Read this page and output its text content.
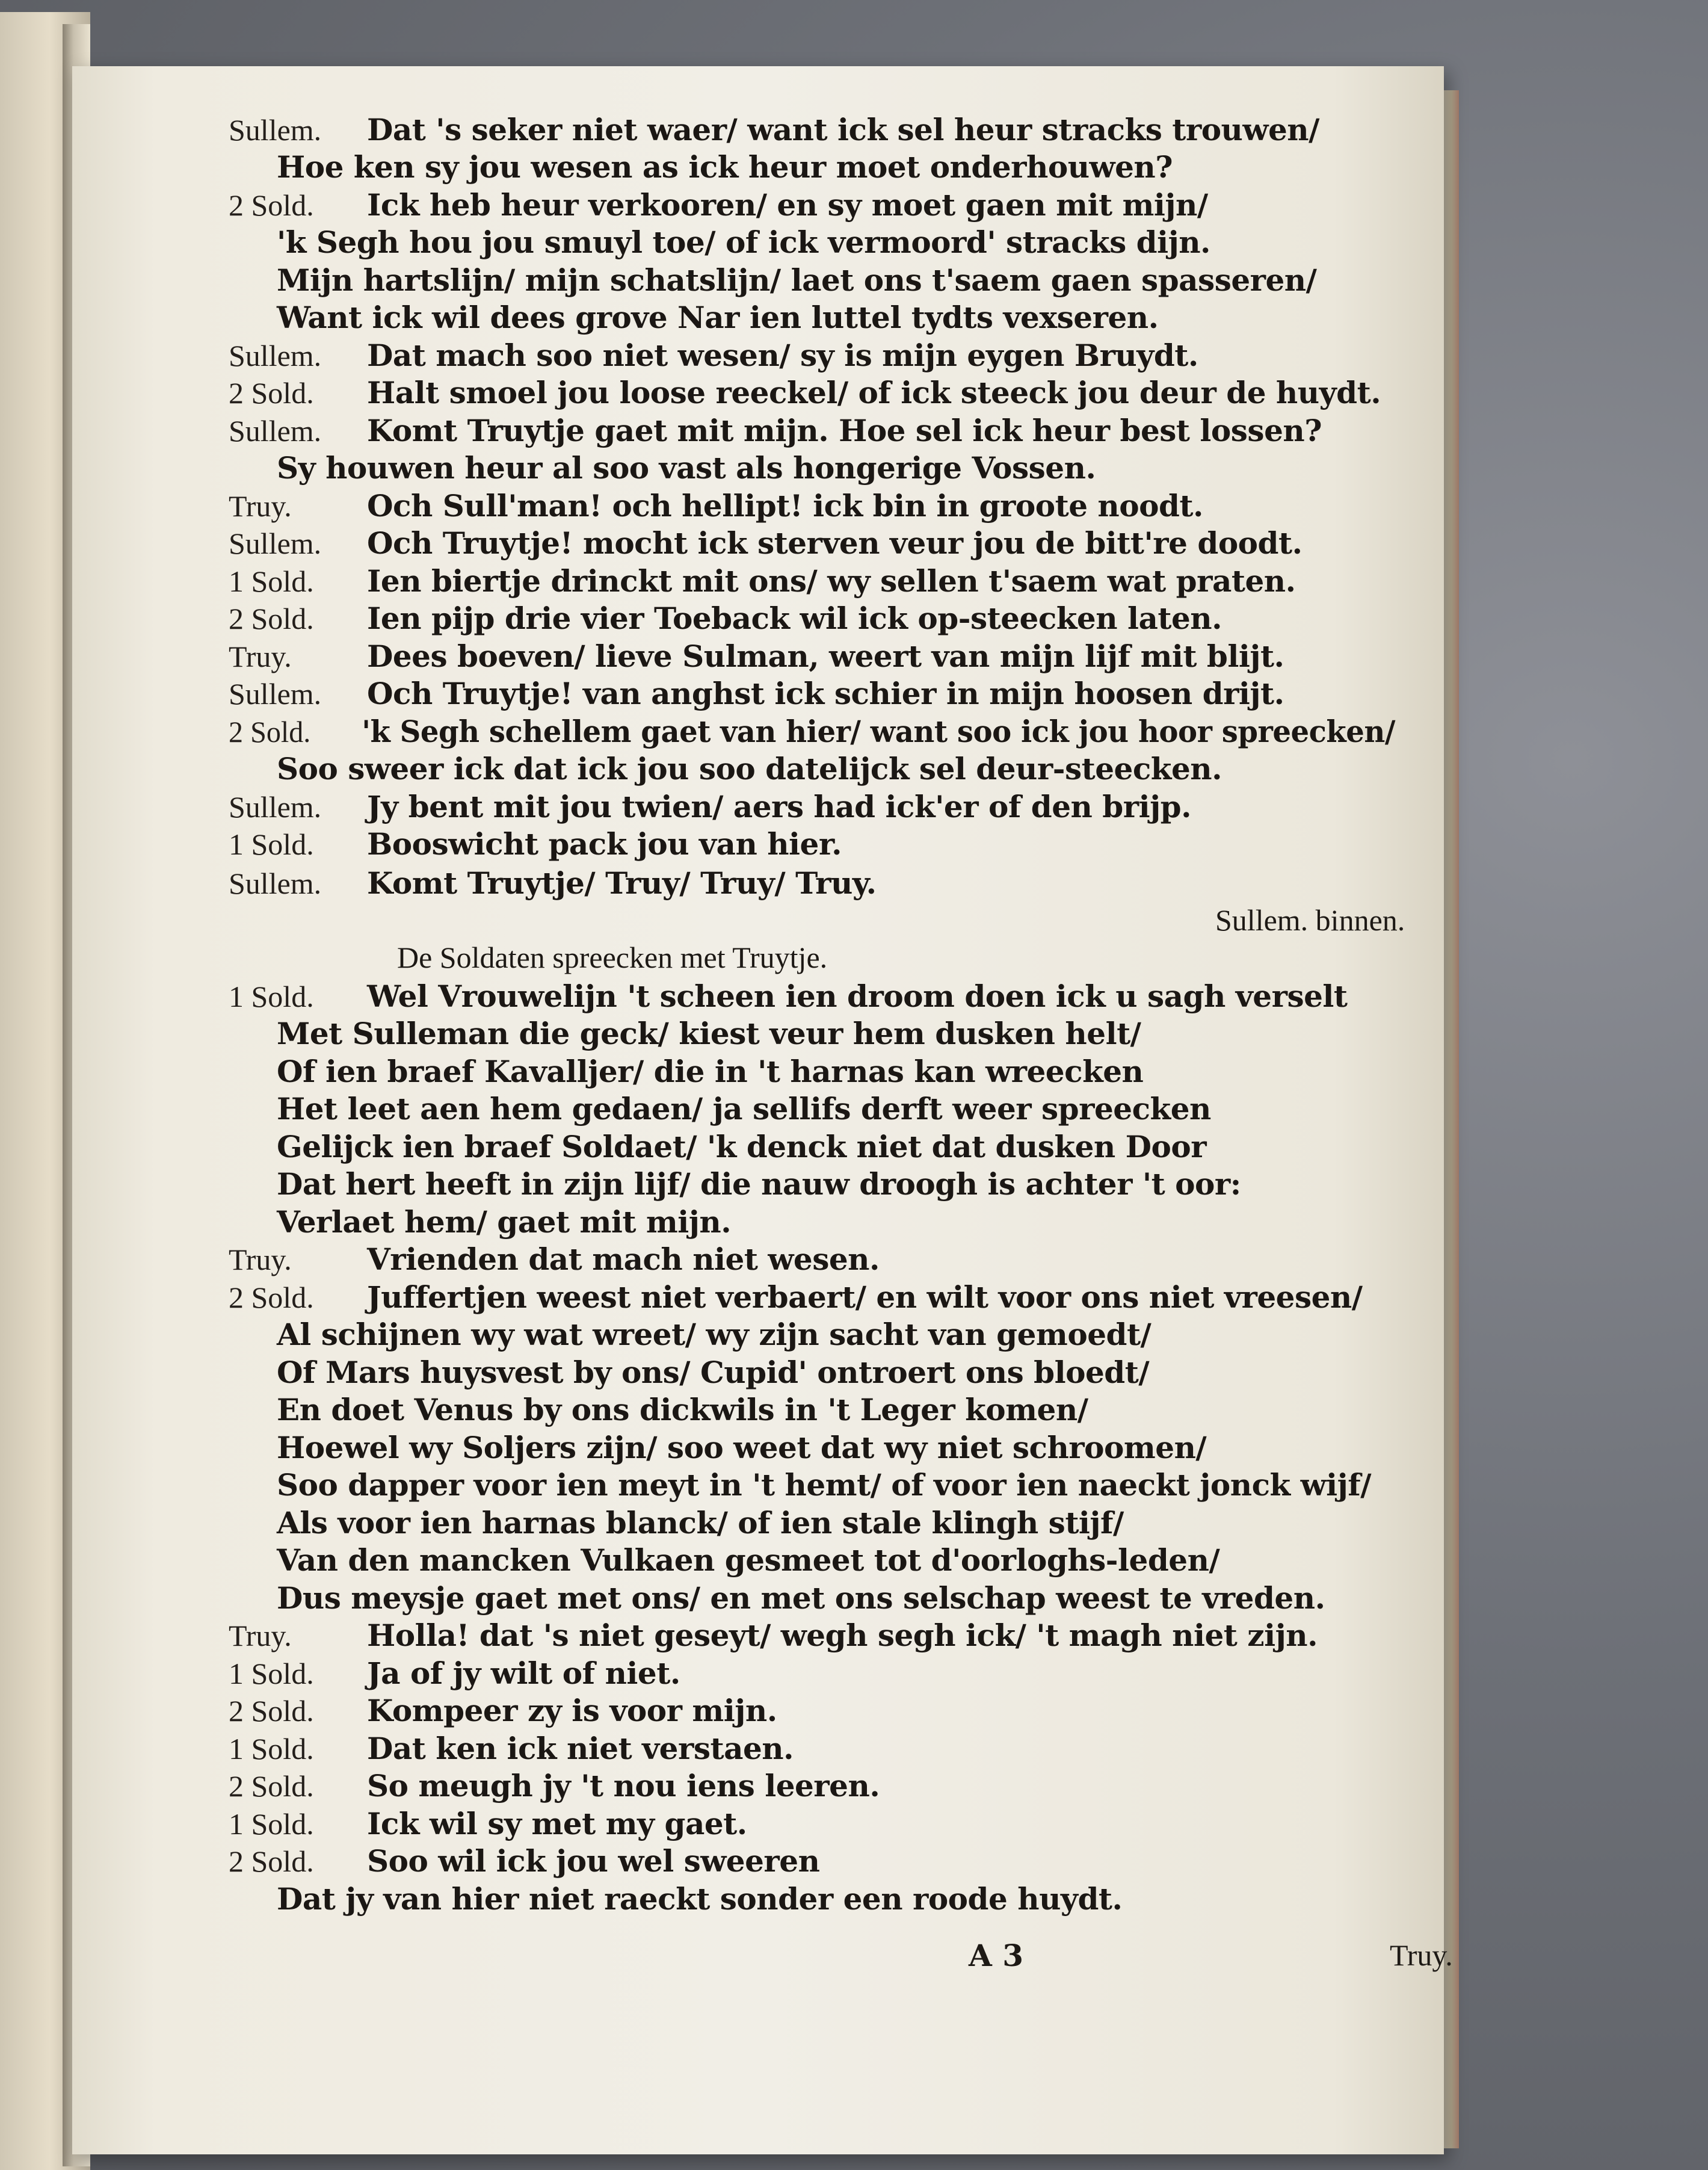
Sullem. binnen.
De Soldaten spreecken met Truytje.
A 3	Truy.
Sullem. Dat 's seker niet waer/ want ick sel heur stracks trouwen/
Hoe ken sy jou wesen as ick heur moet onderhouwen?
2 Sold. Ick heb heur verkooren/ en sy moet gaen mit mijn/
'k Segh hou jou smuyl toe/ of ick vermoord' stracks dijn.
Mijn hartslijn/ mijn schatslijn/ laet ons t'saem gaen spasseren/
Want ick wil dees grove Nar ien luttel tydts vexseren.
Sullem. Dat mach soo niet wesen/ sy is mijn eygen Bruydt.
2 Sold. Halt smoel jou loose reeckel/ of ick steeck jou deur de huydt.
Sullem. Komt Truytje gaet mit mijn. Hoe sel ick heur best lossen?
Sy houwen heur al soo vast als hongerige Vossen.
Truy.	Och Sull'man! och hellipt! ick bin in groote noodt.
Sullem. Och Truytje! mocht ick sterven veur jou de bitt're doodt.
1 Sold. Ien biertje drinckt mit ons/ wy sellen t'saem wat praten.
2 Sold. Ien pijp drie vier Toeback wil ick op-steecken laten.
Truy.	Dees boeven/ lieve Sulman, weert van mijn lijf mit blijt.
Sullem. Och Truytje! van anghst ick schier in mijn hoosen drijt.
2 Sold. 'k Segh schellem gaet van hier/ want soo ick jou hoor spreecken/
Soo sweer ick dat ick jou soo datelijck sel deur-steecken.
Sullem. Jy bent mit jou twien/ aers had ick'er of den brijp.
1 Sold. Booswicht pack jou van hier.
Sullem. Komt Truytje/ Truy/ Truy/ Truy.
1 Sold. Wel Vrouwelijn 't scheen ien droom doen ick u sagh verselt
Met Sulleman die geck/ kiest veur hem dusken helt/
Of ien braef Kavalljer/ die in 't harnas kan wreecken
Het leet aen hem gedaen/ ja sellifs derft weer spreecken
Gelijck ien braef Soldaet/ 'k denck niet dat dusken Door
Dat hert heeft in zijn lijf/ die nauw droogh is achter 't oor:
Verlaet hem/ gaet mit mijn.
Truy.	Vrienden dat mach niet wesen.
2 Sold. Juffertjen weest niet verbaert/ en wilt voor ons niet vreesen/
Al schijnen wy wat wreet/ wy zijn sacht van gemoedt/
Of Mars huysvest by ons/ Cupid' ontroert ons bloedt/
En doet Venus by ons dickwils in 't Leger komen/
Hoewel wy Soljers zijn/ soo weet dat wy niet schroomen/
Soo dapper voor ien meyt in 't hemt/ of voor ien naeckt jonck wijf/
Als voor ien harnas blanck/ of ien stale klingh stijf/
Van den mancken Vulkaen gesmeet tot d'oorloghs-leden/
Dus meysje gaet met ons/ en met ons selschap weest te vreden.
Truy.	Holla! dat 's niet geseyt/ wegh segh ick/ 't magh niet zijn.
1 Sold. Ja of jy wilt of niet.
2 Sold. Kompeer zy is voor mijn.
1 Sold. Dat ken ick niet verstaen.
2 Sold. So meugh jy 't nou iens leeren.
1 Sold. Ick wil sy met my gaet.
2 Sold. Soo wil ick jou wel sweeren
Dat jy van hier niet raeckt sonder een roode huydt.
